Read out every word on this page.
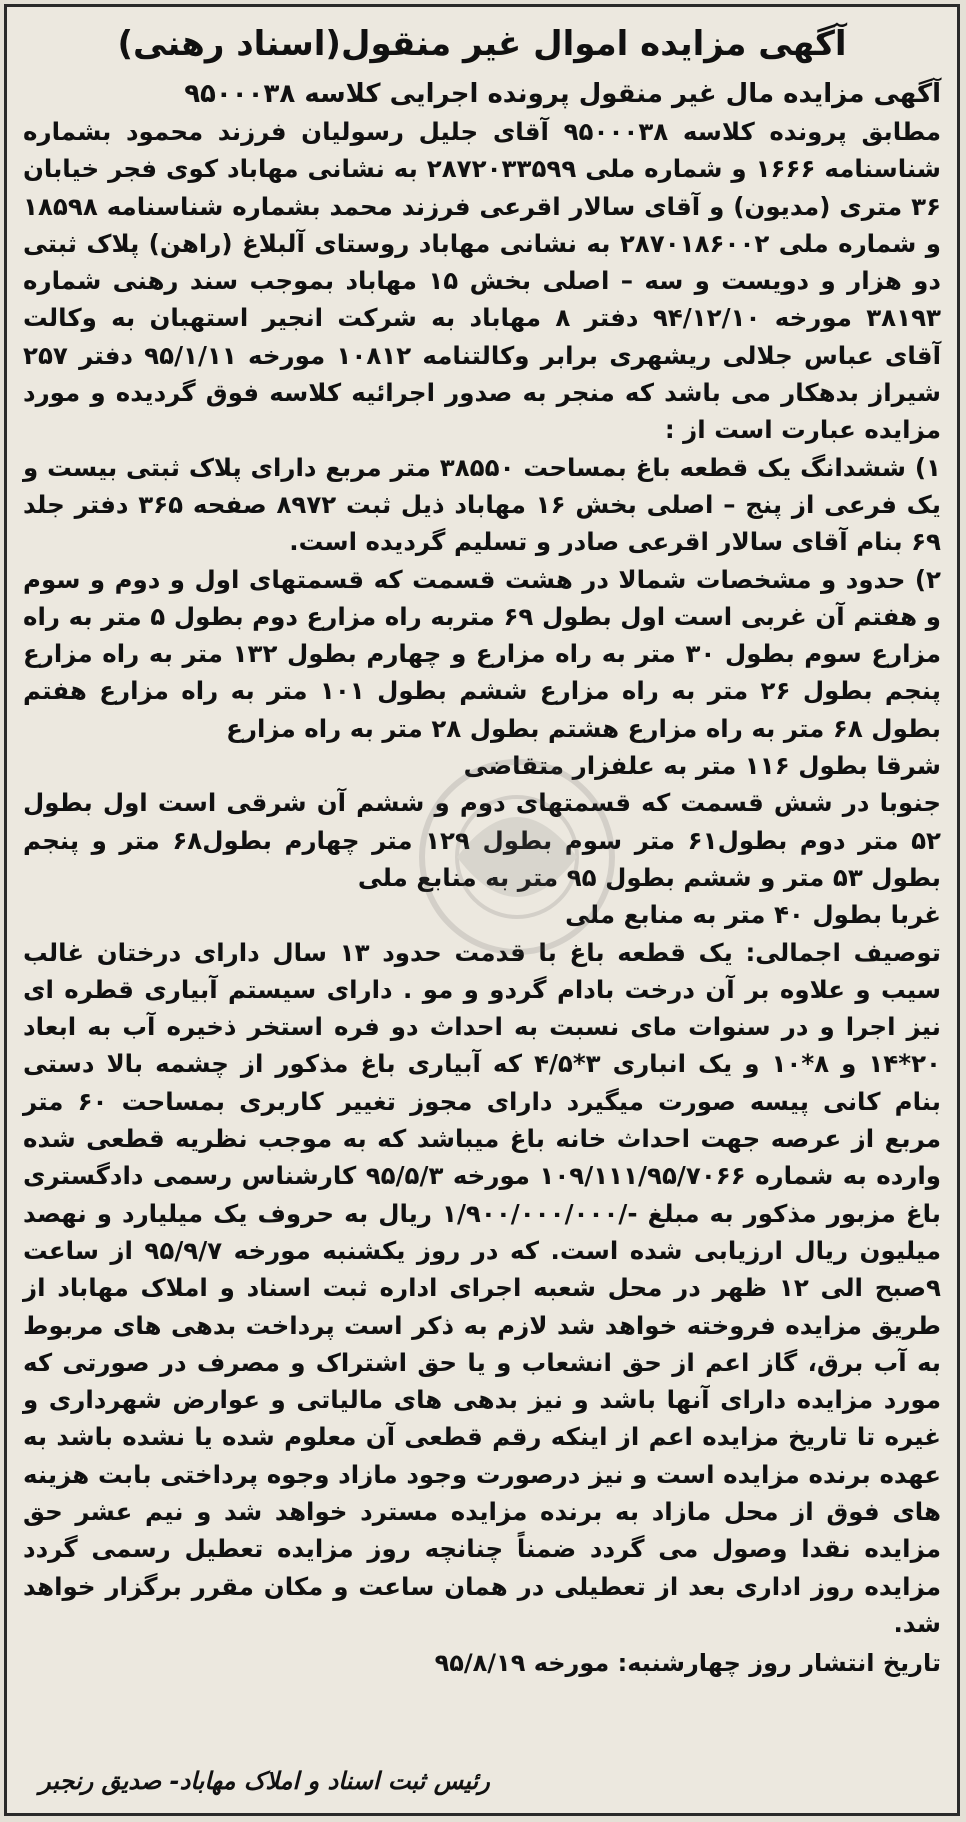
آگهی مزایده اموال غیر منقول(اسناد رهنی)
آگهی مزایده مال غیر منقول پرونده اجرایی کلاسه ۹۵۰۰۰۳۸

مطابق پرونده کلاسه ۹۵۰۰۰۳۸ آقای جلیل رسولیان فرزند محمود بشماره شناسنامه ۱۶۶۶ و شماره ملی ۲۸۷۲۰۳۳۵۹۹ به نشانی مهاباد کوی فجر خیابان ۳۶ متری (مدیون) و آقای سالار اقرعی فرزند محمد بشماره شناسنامه ۱۸۵۹۸ و شماره ملی ۲۸۷۰۱۸۶۰۰۲ به نشانی مهاباد روستای آلبلاغ (راهن) پلاک ثبتی دو هزار و دویست و سه – اصلی بخش ۱۵ مهاباد بموجب سند رهنی شماره ۳۸۱۹۳ مورخه ۹۴/۱۲/۱۰ دفتر ۸ مهاباد به شرکت انجیر استهبان به وکالت آقای عباس جلالی ریشهری برابر وکالتنامه ۱۰۸۱۲ مورخه ۹۵/۱/۱۱ دفتر ۲۵۷ شیراز بدهکار می باشد که منجر به صدور اجرائیه کلاسه فوق گردیده و مورد مزایده عبارت است از :

۱) ششدانگ یک قطعه باغ بمساحت ۳۸۵۵۰ متر مربع دارای پلاک ثبتی بیست و یک فرعی از پنج – اصلی بخش ۱۶ مهاباد ذیل ثبت ۸۹۷۲ صفحه ۳۶۵ دفتر جلد ۶۹ بنام آقای سالار اقرعی صادر و تسلیم گردیده است.

۲) حدود و مشخصات شمالا در هشت قسمت که قسمتهای اول و دوم و سوم و هفتم آن غربی است اول بطول ۶۹ متربه راه مزارع دوم بطول ۵ متر به راه مزارع سوم بطول ۳۰ متر به راه مزارع و چهارم بطول ۱۳۲ متر به راه مزارع پنجم بطول ۲۶ متر به راه مزارع ششم بطول ۱۰۱ متر به راه مزارع هفتم بطول ۶۸ متر به راه مزارع هشتم بطول ۲۸ متر به راه مزارع

شرقا بطول ۱۱۶ متر به علفزار متقاضی

جنوبا در شش قسمت که قسمتهای دوم و ششم آن شرقی است اول بطول ۵۲ متر دوم بطول۶۱ متر سوم بطول ۱۲۹ متر چهارم بطول۶۸ متر و پنجم بطول ۵۳ متر و ششم بطول ۹۵ متر به منابع ملی

غربا بطول ۴۰ متر به منابع ملی

توصیف اجمالی: یک قطعه باغ با قدمت حدود ۱۳ سال دارای درختان غالب سیب و علاوه بر آن درخت بادام گردو و مو . دارای سیستم آبیاری قطره ای نیز اجرا و در سنوات مای نسبت به احداث دو فره استخر ذخیره آب به ابعاد ۲۰*۱۴ و ۸*۱۰ و یک انباری ۳*۴/۵ که آبیاری باغ مذکور از چشمه بالا دستی بنام کانی پیسه صورت میگیرد دارای مجوز تغییر کاربری بمساحت ۶۰ متر مربع از عرصه جهت احداث خانه باغ میباشد که به موجب نظریه قطعی شده وارده به شماره ۱۰۹/۱۱۱/۹۵/۷۰۶۶ مورخه ۹۵/۵/۳ کارشناس رسمی دادگستری باغ مزبور مذکور به مبلغ -/۱/۹۰۰/۰۰۰/۰۰۰ ریال به حروف یک میلیارد و نهصد میلیون ریال ارزیابی شده است. که در روز یکشنبه مورخه ۹۵/۹/۷ از ساعت ۹صبح الی ۱۲ ظهر در محل شعبه اجرای اداره ثبت اسناد و املاک مهاباد از طریق مزایده فروخته خواهد شد لازم به ذکر است پرداخت بدهی های مربوط به آب برق، گاز اعم از حق انشعاب و یا حق اشتراک و مصرف در صورتی که مورد مزایده دارای آنها باشد و نیز بدهی های مالیاتی و عوارض شهرداری و غیره تا تاریخ مزایده اعم از اینکه رقم قطعی آن معلوم شده یا نشده باشد به عهده برنده مزایده است و نیز درصورت وجود مازاد وجوه پرداختی بابت هزینه های فوق از محل مازاد به برنده مزایده مسترد خواهد شد و نیم عشر حق مزایده نقدا وصول می گردد ضمناً چنانچه روز مزایده تعطیل رسمی گردد مزایده روز اداری بعد از تعطیلی در همان ساعت و مکان مقرر برگزار خواهد شد.

تاریخ انتشار روز چهارشنبه: مورخه ۹۵/۸/۱۹
رئیس ثبت اسناد و املاک مهاباد- صدیق رنجبر
